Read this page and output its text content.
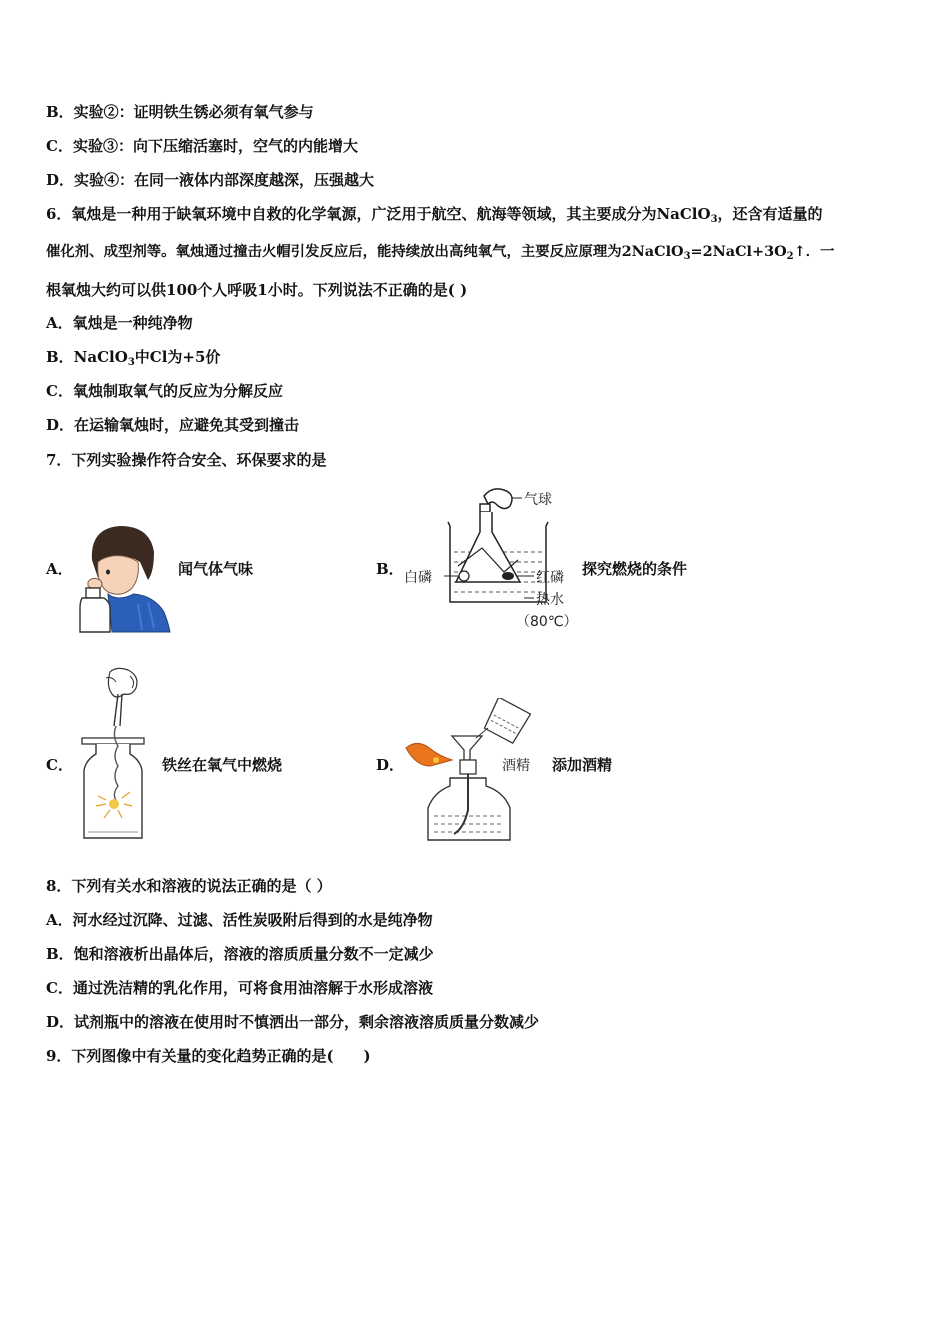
B．实验②：证明铁生锈必须有氧气参与
C．实验③：向下压缩活塞时，空气的内能增大
D．实验④：在同一液体内部深度越深，压强越大
6．氧烛是一种用于缺氧环境中自救的化学氧源，广泛用于航空、航海等领域，其主要成分为NaClO$_3$，还含有适量的
催化剂、成型剂等。氧烛通过撞击火帽引发反应后，能持续放出高纯氧气，主要反应原理为$2NaClO_3=2NaCl+3O_2↑$．一
根氧烛大约可以供100个人呼吸1小时。下列说法不正确的是( )
A．氧烛是一种纯净物
B．NaClO$_3$中Cl为+5价
C．氧烛制取氧气的反应为分解反应
D．在运输氧烛时，应避免其受到撞击
7．下列实验操作符合安全、环保要求的是
A．	闻气体气味	B．
气球
白磷	红磷
热水
（80℃）
探究燃烧的条件
C．	铁丝在氧气中燃烧	D．	酒精 添加酒精
8．下列有关水和溶液的说法正确的是（ ）
A．河水经过沉降、过滤、活性炭吸附后得到的水是纯净物
B．饱和溶液析出晶体后，溶液的溶质质量分数不一定减少
C．通过洗洁精的乳化作用，可将食用油溶解于水形成溶液
D．试剂瓶中的溶液在使用时不慎洒出一部分，剩余溶液溶质质量分数减少
9．下列图像中有关量的变化趋势正确的是(　　)
